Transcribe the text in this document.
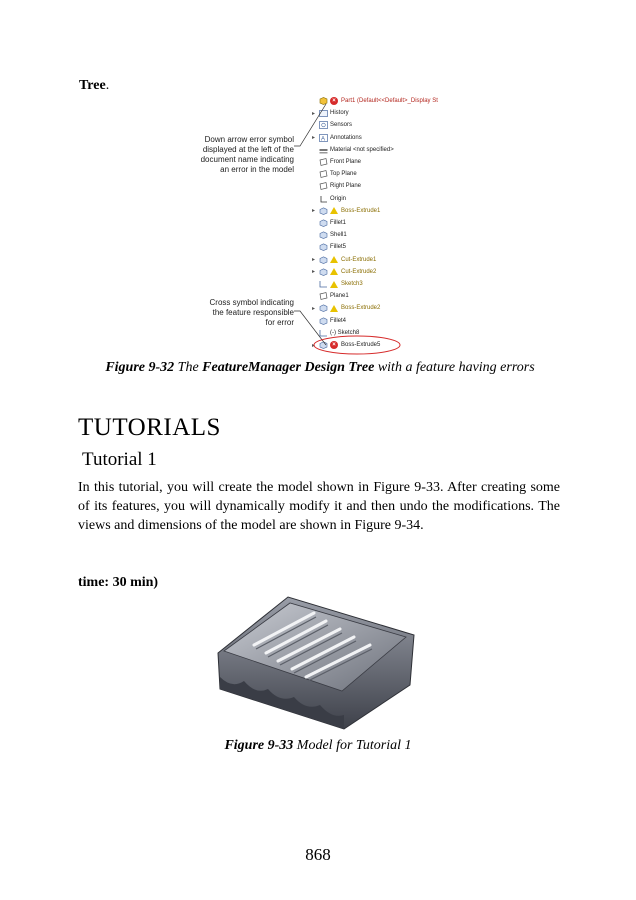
Tree.
× Part1 (Default<<Default>_Display St
▸	History
Sensors
▸ A Annotations
Material <not specified>
Front Plane
Top Plane
Right Plane
Origin
▸	Boss-Extrude1
Fillet1
Shell1
Fillet5
▸	Cut-Extrude1
▸	Cut-Extrude2
Sketch3
Plane1
▸	Boss-Extrude2
Fillet4
(-) Sketch8
▸	× Boss-Extrude5
Down arrow error symbol
displayed at the left of the
document name indicating
an error in the model
Cross symbol indicating
the feature responsible
for error
Figure 9-32 The FeatureManager Design Tree with a feature having errors
TUTORIALS
Tutorial 1
In this tutorial, you will create the model shown in Figure 9-33. After creating some of its features, you will dynamically modify it and then undo the modifications. The views and dimensions of the model are shown in Figure 9-34.
time: 30 min)
Figure 9-33 Model for Tutorial 1
868
